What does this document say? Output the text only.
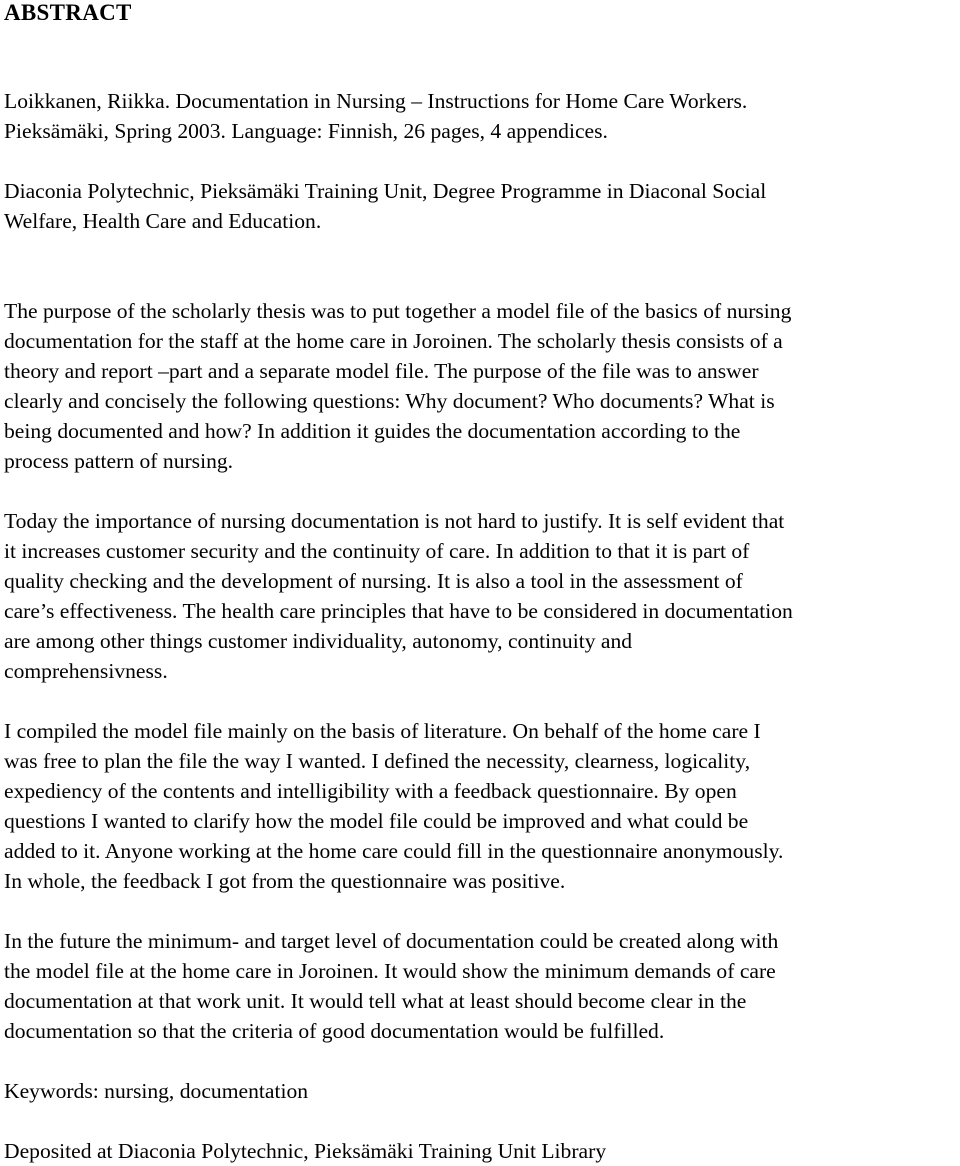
ABSTRACT

Loikkanen, Riikka. Documentation in Nursing – Instructions for Home Care Workers.
Pieksämäki, Spring 2003. Language: Finnish, 26 pages, 4 appendices.

Diaconia Polytechnic, Pieksämäki Training Unit, Degree Programme in Diaconal Social
Welfare, Health Care and Education.

The purpose of the scholarly thesis was to put together a model file of the basics of nursing
documentation for the staff at the home care in Joroinen. The scholarly thesis consists of a
theory and report –part and a separate model file. The purpose of the file was to answer
clearly and concisely the following questions: Why document? Who documents? What is
being documented and how? In addition it guides the documentation according to the
process pattern of nursing.

Today the importance of nursing documentation is not hard to justify. It is self evident that
it increases customer security and the continuity of care. In addition to that it is part of
quality checking and the development of nursing. It is also a tool in the assessment of
care’s effectiveness. The health care principles that have to be considered in documentation
are among other things customer individuality, autonomy, continuity and
comprehensivness.

I compiled the model file mainly on the basis of literature. On behalf of the home care I
was free to plan the file the way I wanted. I defined the necessity, clearness, logicality,
expediency of the contents and intelligibility with a feedback questionnaire. By open
questions I wanted to clarify how the model file could be improved and what could be
added to it. Anyone working at the home care could fill in the questionnaire anonymously.
In whole, the feedback I got from the questionnaire was positive.

In the future the minimum- and target level of documentation could be created along with
the model file at the home care in Joroinen. It would show the minimum demands of care
documentation at that work unit. It would tell what at least should become clear in the
documentation so that the criteria of good documentation would be fulfilled.

Keywords: nursing, documentation

Deposited at Diaconia Polytechnic, Pieksämäki Training Unit Library
